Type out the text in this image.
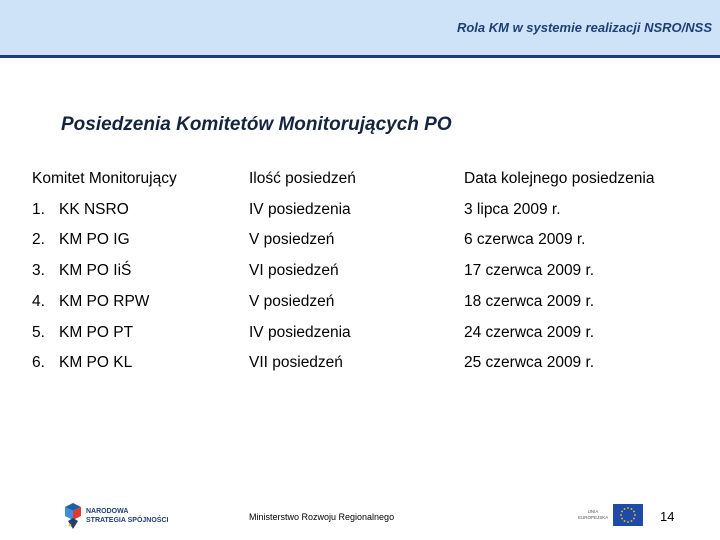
Rola KM w systemie realizacji NSRO/NSS
Posiedzenia Komitetów Monitorujących PO
Komitet Monitorujący	Ilość posiedzeń	Data kolejnego posiedzenia
1. KK NSRO	IV posiedzenia	3 lipca 2009 r.
2. KM PO IG	V posiedzeń	6 czerwca 2009 r.
3. KM PO IiŚ	VI posiedzeń	17 czerwca 2009 r.
4. KM PO RPW	V posiedzeń	18 czerwca 2009 r.
5. KM PO PT	IV posiedzenia	24 czerwca 2009 r.
6. KM PO KL	VII posiedzeń	25 czerwca 2009 r.
NARODOWA
STRATEGIA SPÓJNOŚCI	Ministerstwo Rozwoju Regionalnego
UNIA
EUROPEJSKA	14
